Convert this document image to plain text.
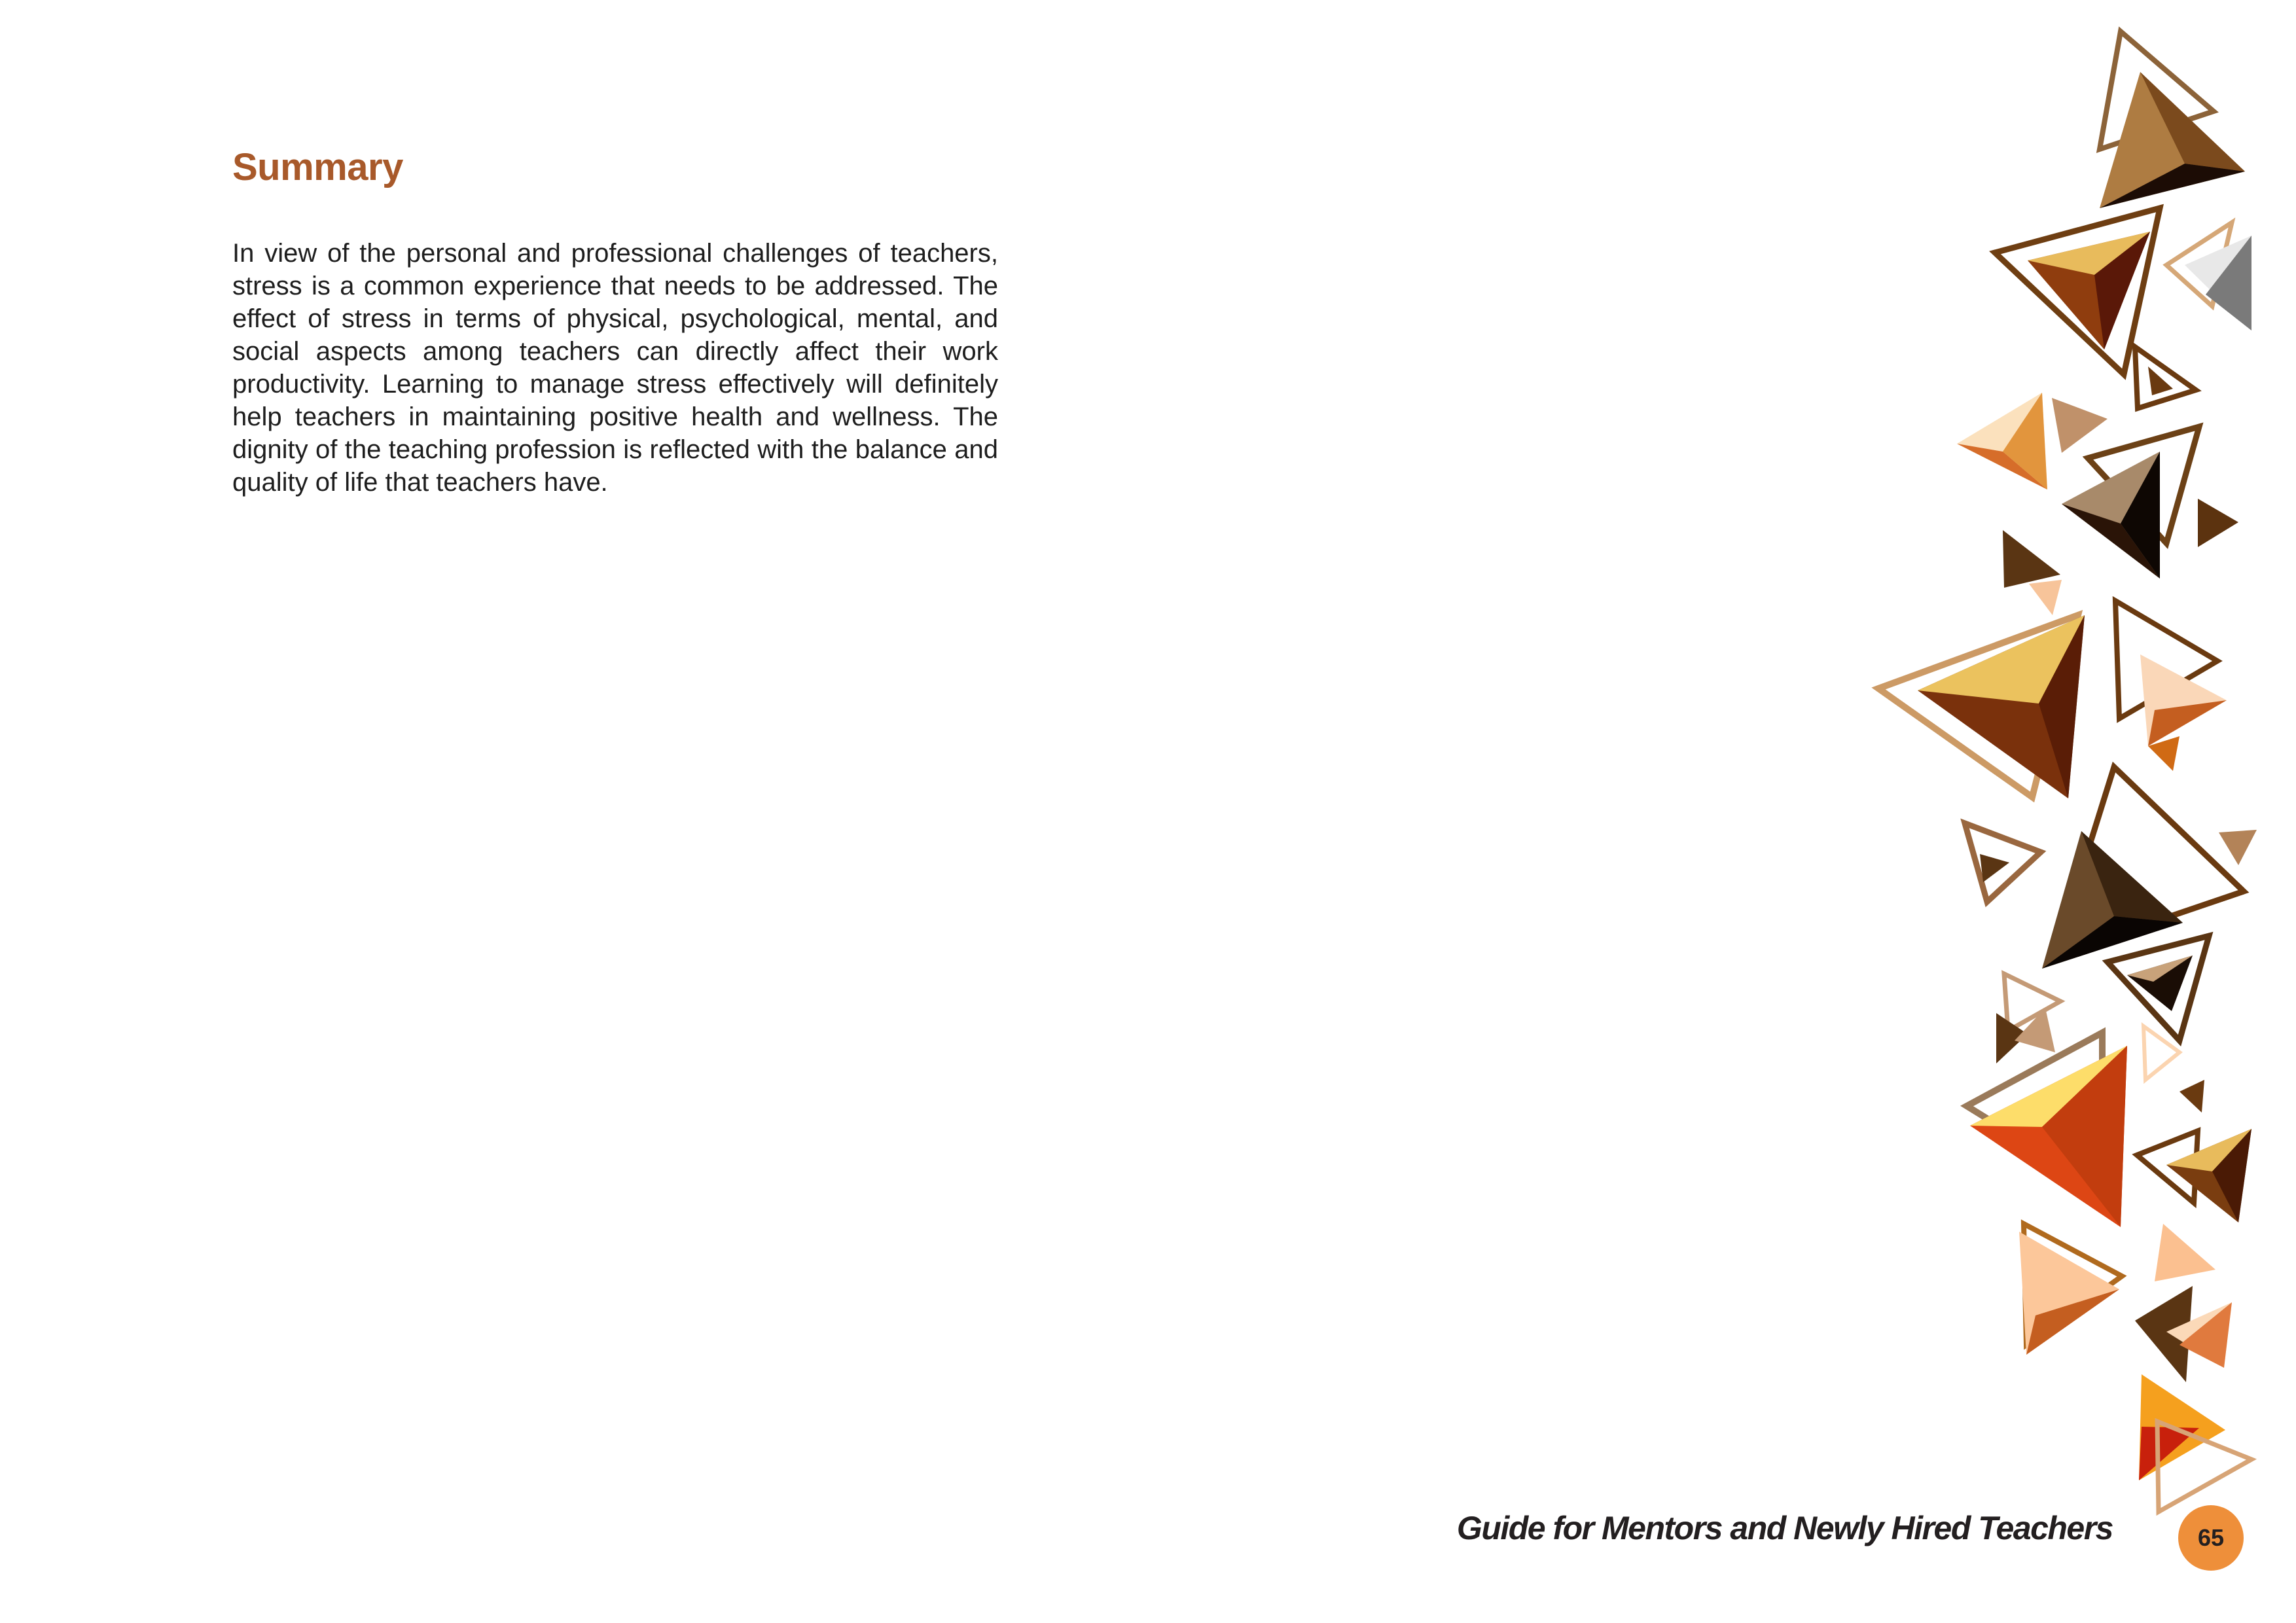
Summary
In view of the personal and professional challenges of teachers, stress is a common experience that needs to be addressed. The effect of stress in terms of physical, psychological, mental, and social aspects among teachers can directly affect their work productivity. Learning to manage stress effectively will definitely help teachers in maintaining positive health and wellness. The dignity of the teaching profession is reflected with the balance and quality of life that teachers have.
Guide for Mentors and Newly Hired Teachers	65
